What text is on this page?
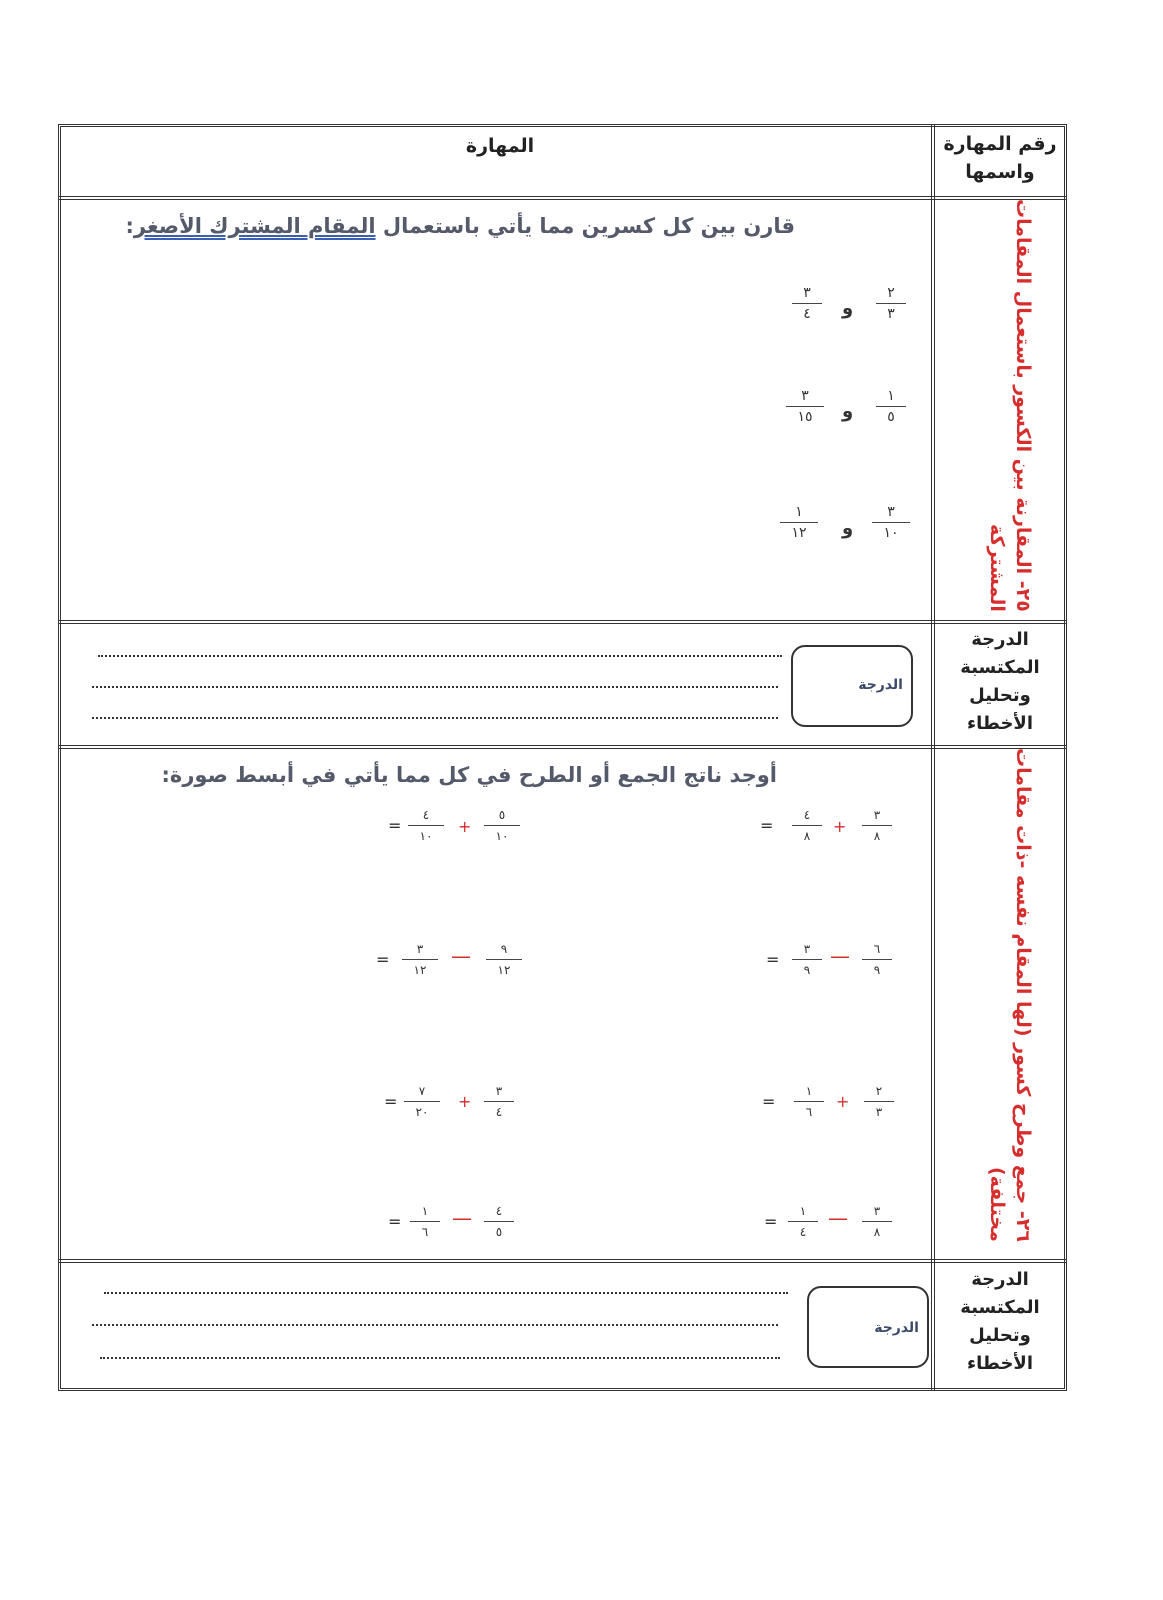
المهارة	رقم المهارة
واسمها
٢٥- المقارنة بين الكسور باستعمال المقامات
المشتركة
قارن بين كل كسرين مما يأتي باستعمال المقام المشترك الأصغر:
٢
٣
و
٣
٤
١
٥
و
٣
١٥
٣
١٠
و
١
١٢
الدرجة
المكتسبة
وتحليل
الأخطاء
الدرجة
٢٦- جمع وطرح كسور (لها المقام نفسه -ذات مقامات
مختلفة)
أوجد ناتج الجمع أو الطرح في كل مما يأتي في أبسط صورة:
٣
٨
+
٤
٨
=
٦
٩
—
٣
٩
=
٢
٣
+
١
٦
=
٣
٨
—
١
٤
=
٥
١٠
+
٤
١٠
=
٩
١٢
—
٣
١٢
=
٣
٤
+
٧
٢٠
=
٤
٥
—
١
٦
=
الدرجة
المكتسبة
وتحليل
الأخطاء
الدرجة
